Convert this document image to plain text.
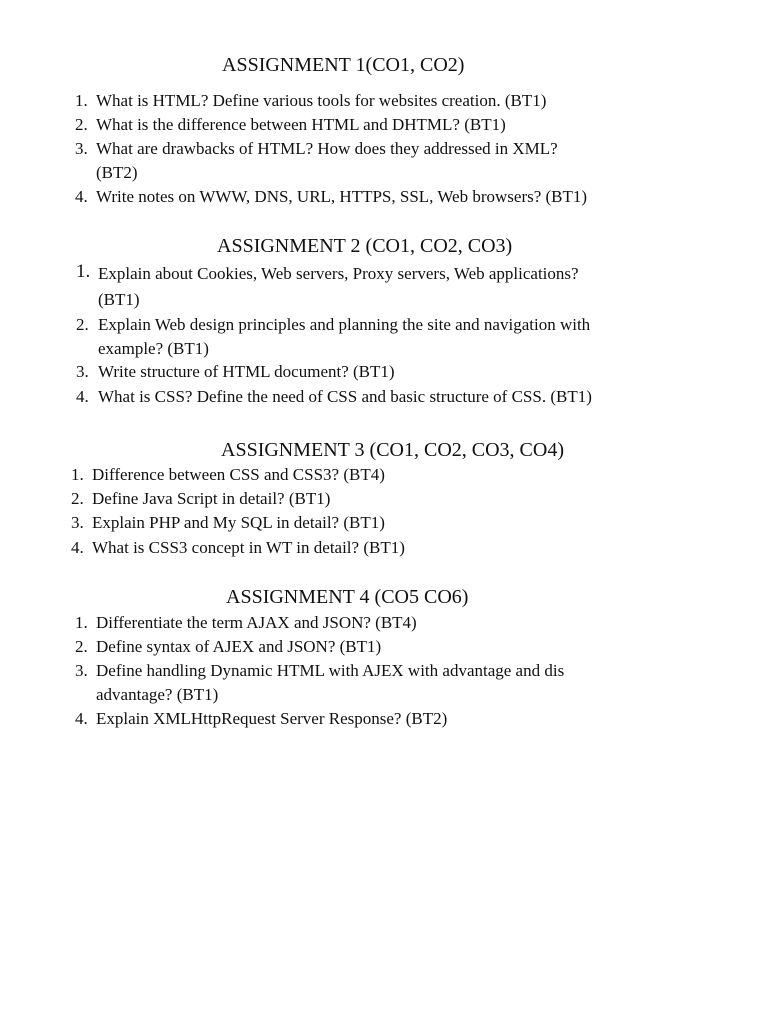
ASSIGNMENT 1(CO1, CO2)
1. What is HTML? Define various tools for websites creation. (BT1)
2. What is the difference between HTML and DHTML? (BT1)
3. What are drawbacks of HTML? How does they addressed in XML?
(BT2)
4. Write notes on WWW, DNS, URL, HTTPS, SSL, Web browsers? (BT1)
ASSIGNMENT 2 (CO1, CO2, CO3)
1. Explain about Cookies, Web servers, Proxy servers, Web applications?
(BT1)
2. Explain Web design principles and planning the site and navigation with
example? (BT1)
3. Write structure of HTML document? (BT1)
4. What is CSS? Define the need of CSS and basic structure of CSS. (BT1)
ASSIGNMENT 3 (CO1, CO2, CO3, CO4)
1. Difference between CSS and CSS3? (BT4)
2. Define Java Script in detail? (BT1)
3. Explain PHP and My SQL in detail? (BT1)
4. What is CSS3 concept in WT in detail? (BT1)
ASSIGNMENT 4 (CO5 CO6)
1. Differentiate the term AJAX and JSON? (BT4)
2. Define syntax of AJEX and JSON? (BT1)
3. Define handling Dynamic HTML with AJEX with advantage and dis
advantage? (BT1)
4. Explain XMLHttpRequest Server Response? (BT2)
